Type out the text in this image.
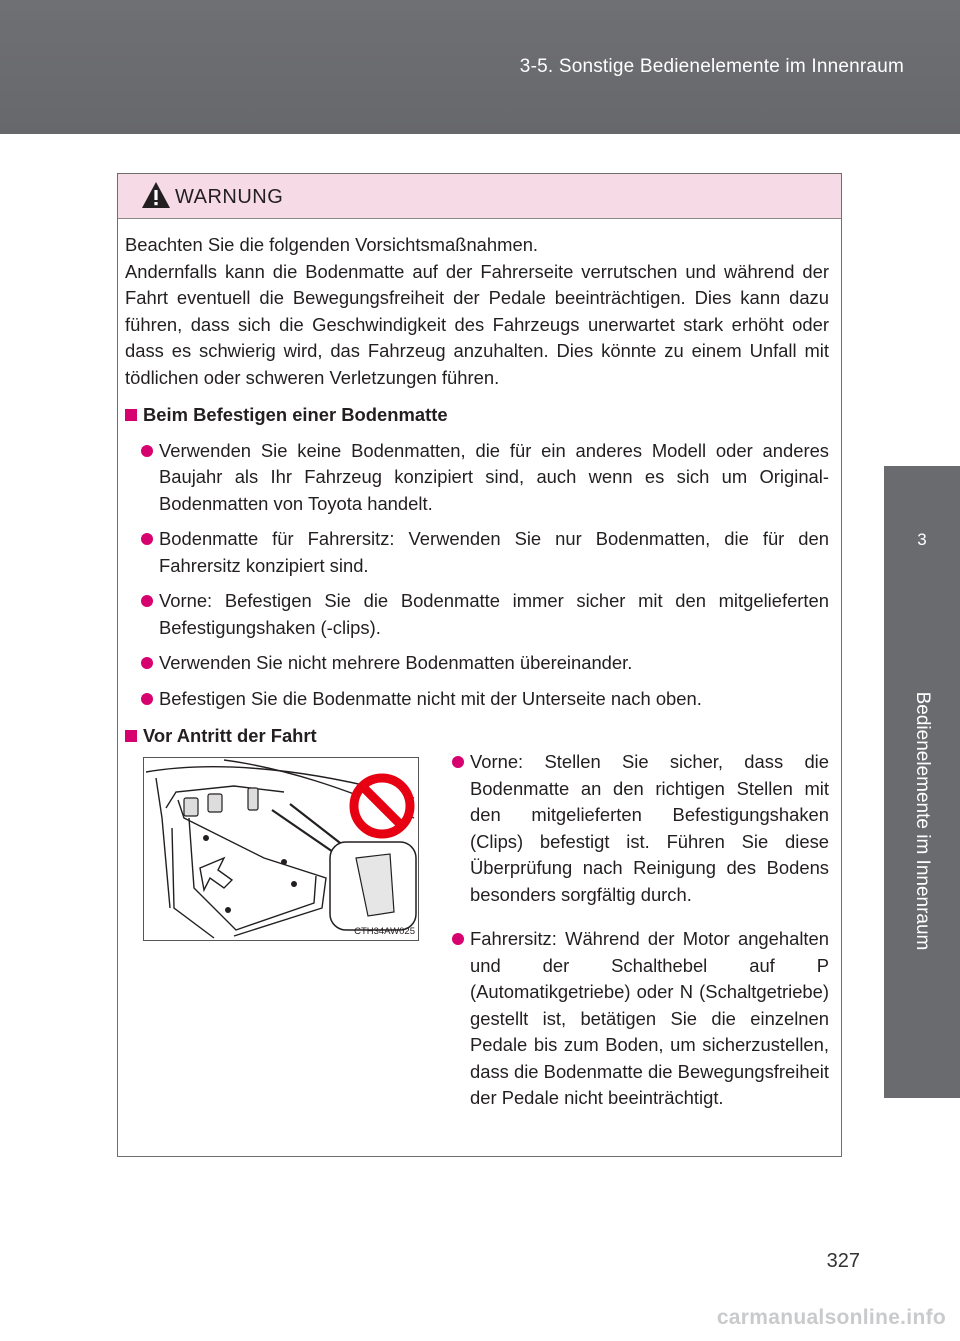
3-5. Sonstige Bedienelemente im Innenraum
3
Bedienelemente im Innenraum
WARNUNG

Beachten Sie die folgenden Vorsichtsmaßnahmen.

Andernfalls kann die Bodenmatte auf der Fahrerseite verrutschen und während der Fahrt eventuell die Bewegungsfreiheit der Pedale beeinträchtigen. Dies kann dazu führen, dass sich die Geschwindigkeit des Fahrzeugs unerwartet stark erhöht oder dass es schwierig wird, das Fahrzeug anzuhalten. Dies könnte zu einem Unfall mit tödlichen oder schweren Verletzungen führen.

Beim Befestigen einer Bodenmatte

Verwenden Sie keine Bodenmatten, die für ein anderes Modell oder anderes Baujahr als Ihr Fahrzeug konzipiert sind, auch wenn es sich um Original-Bodenmatten von Toyota handelt.

Bodenmatte für Fahrersitz: Verwenden Sie nur Bodenmatten, die für den Fahrersitz konzipiert sind.

Vorne: Befestigen Sie die Bodenmatte immer sicher mit den mitgelieferten Befestigungshaken (-clips).

Verwenden Sie nicht mehrere Bodenmatten übereinander.

Befestigen Sie die Bodenmatte nicht mit der Unterseite nach oben.

Vor Antritt der Fahrt

CTH34AW025

Vorne: Stellen Sie sicher, dass die Bodenmatte an den richtigen Stellen mit den mitgelieferten Befestigungshaken (Clips) befestigt ist. Führen Sie diese Überprüfung nach Reinigung des Bodens besonders sorgfältig durch.

Fahrersitz: Während der Motor angehalten und der Schalthebel auf P (Automatikgetriebe) oder N (Schaltgetriebe) gestellt ist, betätigen Sie die einzelnen Pedale bis zum Boden, um sicherzustellen, dass die Bodenmatte die Bewegungsfreiheit der Pedale nicht beeinträchtigt.

327
carmanualsonline.info
